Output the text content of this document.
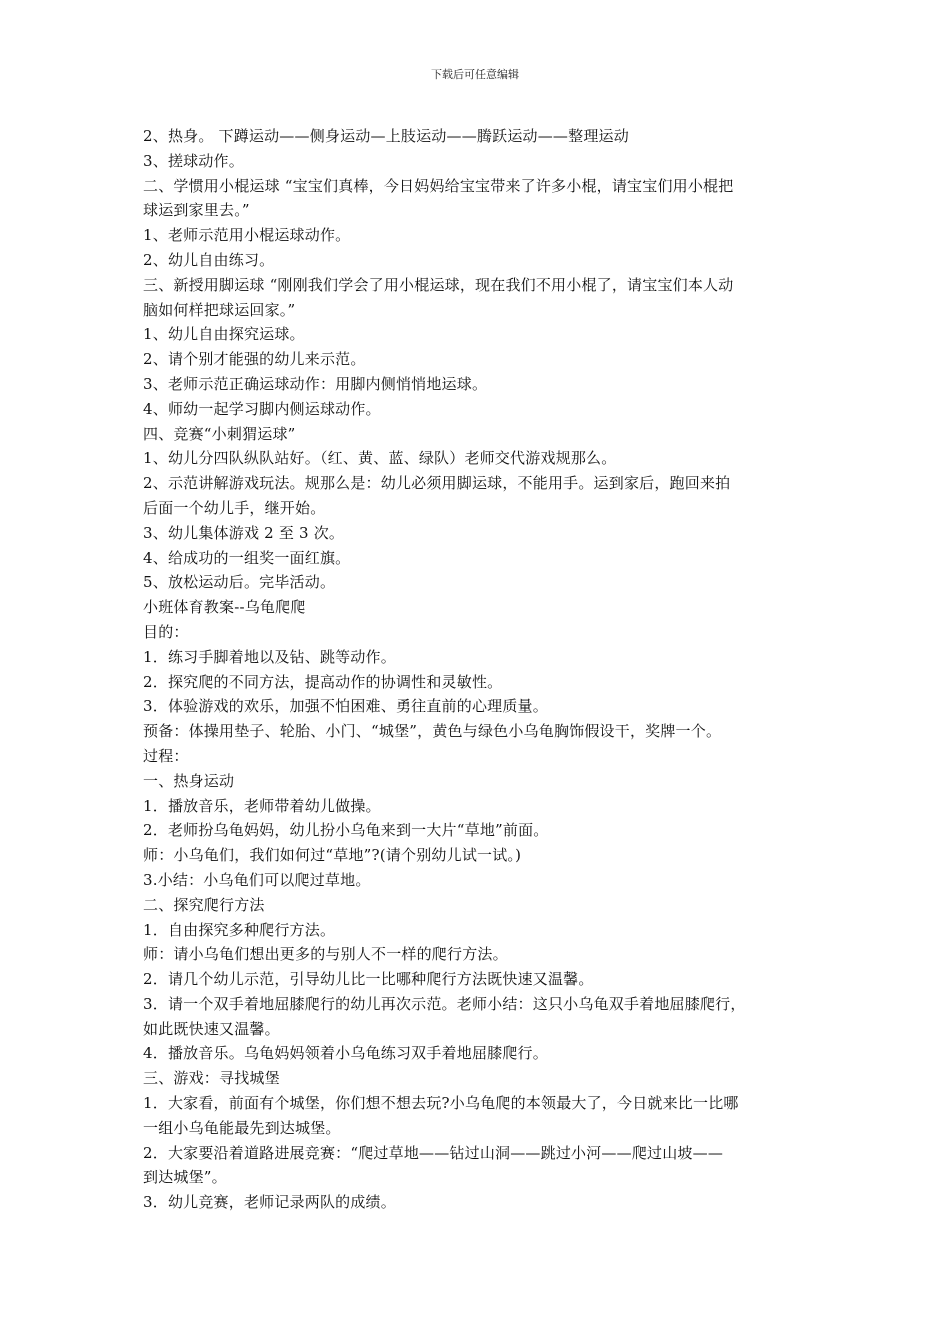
下载后可任意编辑
2、热身。 下蹲运动——侧身运动—上肢运动——腾跃运动——整理运动
3、搓球动作。
二、学惯用小棍运球 “宝宝们真棒，今日妈妈给宝宝带来了许多小棍，请宝宝们用小棍把
球运到家里去。”
1、老师示范用小棍运球动作。
2、幼儿自由练习。
三、新授用脚运球 “刚刚我们学会了用小棍运球，现在我们不用小棍了，请宝宝们本人动
脑如何样把球运回家。”
1、幼儿自由探究运球。
2、请个别才能强的幼儿来示范。
3、老师示范正确运球动作：用脚内侧悄悄地运球。
4、师幼一起学习脚内侧运球动作。
四、竞赛“小刺猬运球”
1、幼儿分四队纵队站好。（红、黄、蓝、绿队）老师交代游戏规那么。
2、示范讲解游戏玩法。规那么是：幼儿必须用脚运球，不能用手。运到家后，跑回来拍
后面一个幼儿手，继开始。
3、幼儿集体游戏 2 至 3 次。
4、给成功的一组奖一面红旗。
5、放松运动后。完毕活动。
小班体育教案--乌龟爬爬
目的：
1．练习手脚着地以及钻、跳等动作。
2．探究爬的不同方法，提高动作的协调性和灵敏性。
3．体验游戏的欢乐，加强不怕困难、勇往直前的心理质量。
预备：体操用垫子、轮胎、小门、“城堡”，黄色与绿色小乌龟胸饰假设干，奖牌一个。
过程：
一、热身运动
1．播放音乐，老师带着幼儿做操。
2．老师扮乌龟妈妈，幼儿扮小乌龟来到一大片“草地”前面。
师：小乌龟们，我们如何过“草地”?(请个别幼儿试一试。)
3.小结：小乌龟们可以爬过草地。
二、探究爬行方法
1．自由探究多种爬行方法。
师：请小乌龟们想出更多的与别人不一样的爬行方法。
2．请几个幼儿示范，引导幼儿比一比哪种爬行方法既快速又温馨。
3．请一个双手着地屈膝爬行的幼儿再次示范。老师小结：这只小乌龟双手着地屈膝爬行，
如此既快速又温馨。
4．播放音乐。乌龟妈妈领着小乌龟练习双手着地屈膝爬行。
三、游戏：寻找城堡
1．大家看，前面有个城堡，你们想不想去玩?小乌龟爬的本领最大了，今日就来比一比哪
一组小乌龟能最先到达城堡。
2．大家要沿着道路进展竞赛：“爬过草地——钻过山洞——跳过小河——爬过山坡——
到达城堡”。
3．幼儿竞赛，老师记录两队的成绩。
